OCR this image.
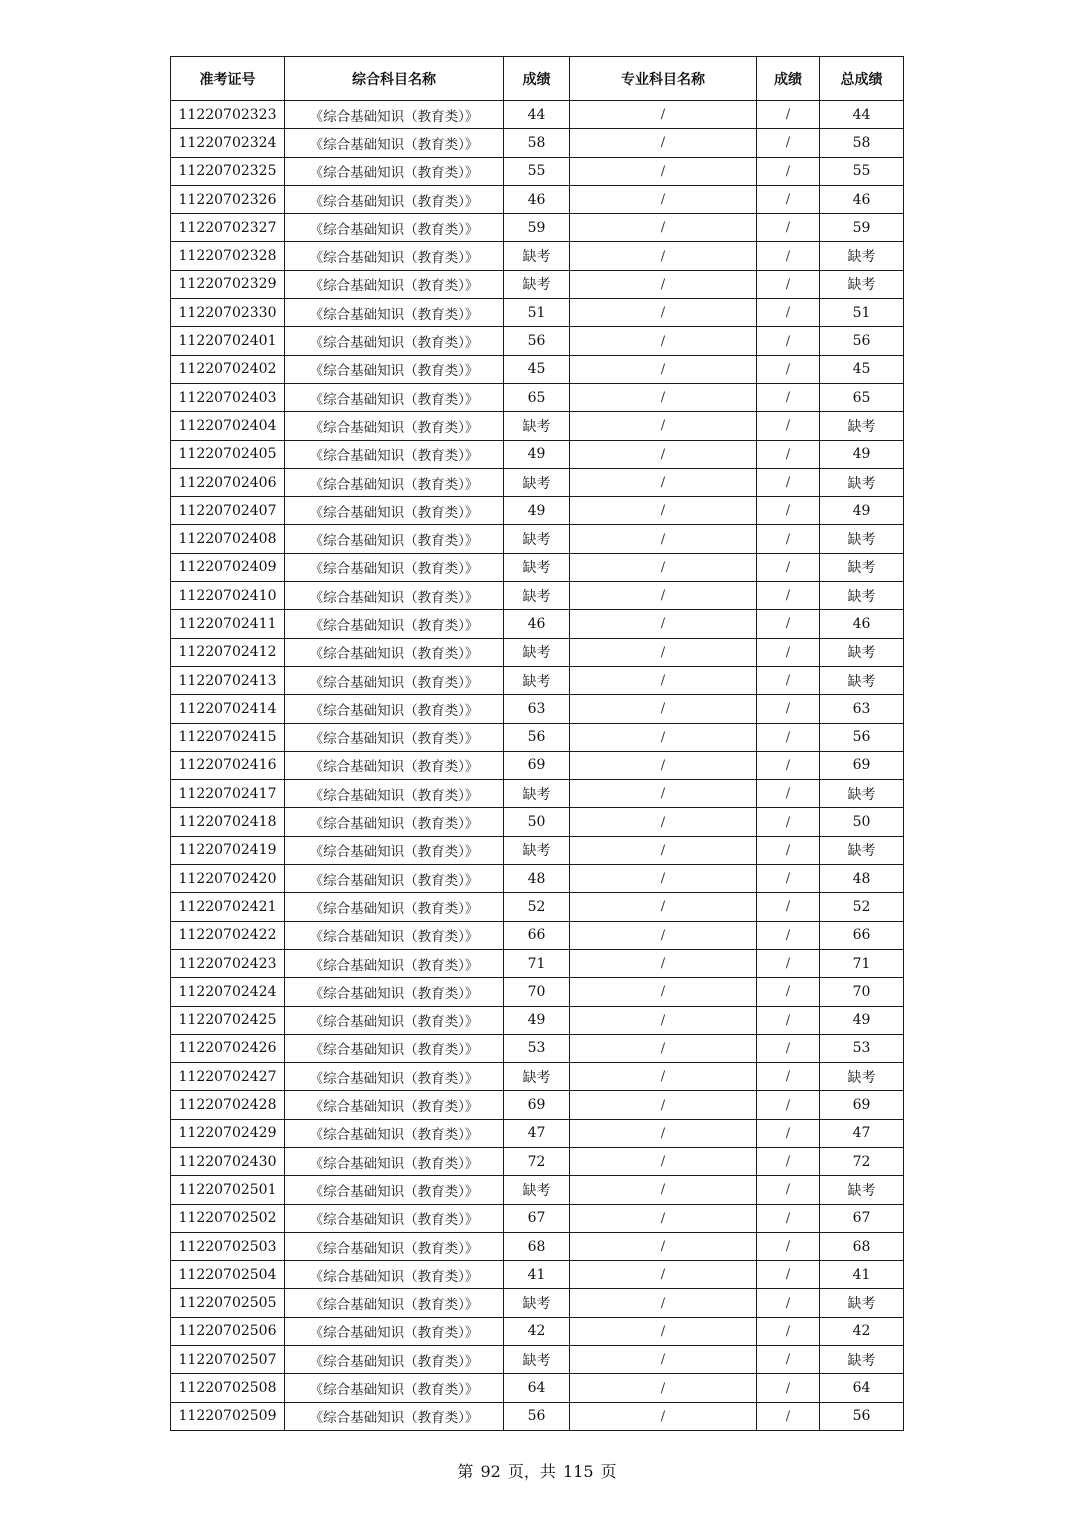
准考证号	综合科目名称	成绩	专业科目名称	成绩	总成绩
11220702323	《综合基础知识（教育类）》	44	/	/	44
11220702324	《综合基础知识（教育类）》	58	/	/	58
11220702325	《综合基础知识（教育类）》	55	/	/	55
11220702326	《综合基础知识（教育类）》	46	/	/	46
11220702327	《综合基础知识（教育类）》	59	/	/	59
11220702328	《综合基础知识（教育类）》	缺考	/	/	缺考
11220702329	《综合基础知识（教育类）》	缺考	/	/	缺考
11220702330	《综合基础知识（教育类）》	51	/	/	51
11220702401	《综合基础知识（教育类）》	56	/	/	56
11220702402	《综合基础知识（教育类）》	45	/	/	45
11220702403	《综合基础知识（教育类）》	65	/	/	65
11220702404	《综合基础知识（教育类）》	缺考	/	/	缺考
11220702405	《综合基础知识（教育类）》	49	/	/	49
11220702406	《综合基础知识（教育类）》	缺考	/	/	缺考
11220702407	《综合基础知识（教育类）》	49	/	/	49
11220702408	《综合基础知识（教育类）》	缺考	/	/	缺考
11220702409	《综合基础知识（教育类）》	缺考	/	/	缺考
11220702410	《综合基础知识（教育类）》	缺考	/	/	缺考
11220702411	《综合基础知识（教育类）》	46	/	/	46
11220702412	《综合基础知识（教育类）》	缺考	/	/	缺考
11220702413	《综合基础知识（教育类）》	缺考	/	/	缺考
11220702414	《综合基础知识（教育类）》	63	/	/	63
11220702415	《综合基础知识（教育类）》	56	/	/	56
11220702416	《综合基础知识（教育类）》	69	/	/	69
11220702417	《综合基础知识（教育类）》	缺考	/	/	缺考
11220702418	《综合基础知识（教育类）》	50	/	/	50
11220702419	《综合基础知识（教育类）》	缺考	/	/	缺考
11220702420	《综合基础知识（教育类）》	48	/	/	48
11220702421	《综合基础知识（教育类）》	52	/	/	52
11220702422	《综合基础知识（教育类）》	66	/	/	66
11220702423	《综合基础知识（教育类）》	71	/	/	71
11220702424	《综合基础知识（教育类）》	70	/	/	70
11220702425	《综合基础知识（教育类）》	49	/	/	49
11220702426	《综合基础知识（教育类）》	53	/	/	53
11220702427	《综合基础知识（教育类）》	缺考	/	/	缺考
11220702428	《综合基础知识（教育类）》	69	/	/	69
11220702429	《综合基础知识（教育类）》	47	/	/	47
11220702430	《综合基础知识（教育类）》	72	/	/	72
11220702501	《综合基础知识（教育类）》	缺考	/	/	缺考
11220702502	《综合基础知识（教育类）》	67	/	/	67
11220702503	《综合基础知识（教育类）》	68	/	/	68
11220702504	《综合基础知识（教育类）》	41	/	/	41
11220702505	《综合基础知识（教育类）》	缺考	/	/	缺考
11220702506	《综合基础知识（教育类）》	42	/	/	42
11220702507	《综合基础知识（教育类）》	缺考	/	/	缺考
11220702508	《综合基础知识（教育类）》	64	/	/	64
11220702509	《综合基础知识（教育类）》	56	/	/	56
第 92 页，共 115 页
